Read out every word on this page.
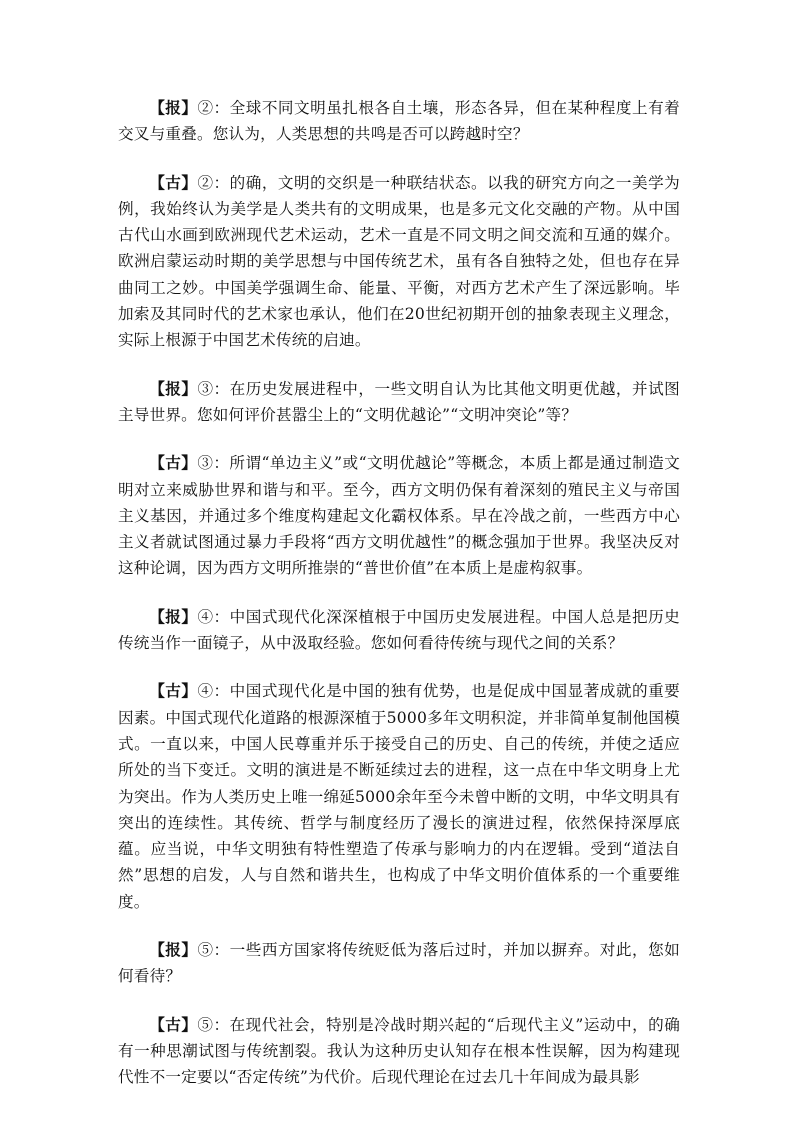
【报】②：全球不同文明虽扎根各自土壤，形态各异，但在某种程度上有着交叉与重叠。您认为，人类思想的共鸣是否可以跨越时空？

【古】②：的确，文明的交织是一种联结状态。以我的研究方向之一美学为例，我始终认为美学是人类共有的文明成果，也是多元文化交融的产物。从中国古代山水画到欧洲现代艺术运动，艺术一直是不同文明之间交流和互通的媒介。欧洲启蒙运动时期的美学思想与中国传统艺术，虽有各自独特之处，但也存在异曲同工之妙。中国美学强调生命、能量、平衡，对西方艺术产生了深远影响。毕加索及其同时代的艺术家也承认，他们在20世纪初期开创的抽象表现主义理念，实际上根源于中国艺术传统的启迪。

【报】③：在历史发展进程中，一些文明自认为比其他文明更优越，并试图主导世界。您如何评价甚嚣尘上的“文明优越论”“文明冲突论”等？

【古】③：所谓“单边主义”或“文明优越论”等概念，本质上都是通过制造文明对立来威胁世界和谐与和平。至今，西方文明仍保有着深刻的殖民主义与帝国主义基因，并通过多个维度构建起文化霸权体系。早在冷战之前，一些西方中心主义者就试图通过暴力手段将“西方文明优越性”的概念强加于世界。我坚决反对这种论调，因为西方文明所推崇的“普世价值”在本质上是虚构叙事。

【报】④：中国式现代化深深植根于中国历史发展进程。中国人总是把历史传统当作一面镜子，从中汲取经验。您如何看待传统与现代之间的关系？

【古】④：中国式现代化是中国的独有优势，也是促成中国显著成就的重要因素。中国式现代化道路的根源深植于5000多年文明积淀，并非简单复制他国模式。一直以来，中国人民尊重并乐于接受自己的历史、自己的传统，并使之适应所处的当下变迁。文明的演进是不断延续过去的进程，这一点在中华文明身上尤为突出。作为人类历史上唯一绵延5000余年至今未曾中断的文明，中华文明具有突出的连续性。其传统、哲学与制度经历了漫长的演进过程，依然保持深厚底蕴。应当说，中华文明独有特性塑造了传承与影响力的内在逻辑。受到“道法自然”思想的启发，人与自然和谐共生，也构成了中华文明价值体系的一个重要维度。

【报】⑤：一些西方国家将传统贬低为落后过时，并加以摒弃。对此，您如何看待？

【古】⑤：在现代社会，特别是冷战时期兴起的“后现代主义”运动中，的确有一种思潮试图与传统割裂。我认为这种历史认知存在根本性误解，因为构建现代性不一定要以“否定传统”为代价。后现代理论在过去几十年间成为最具影
